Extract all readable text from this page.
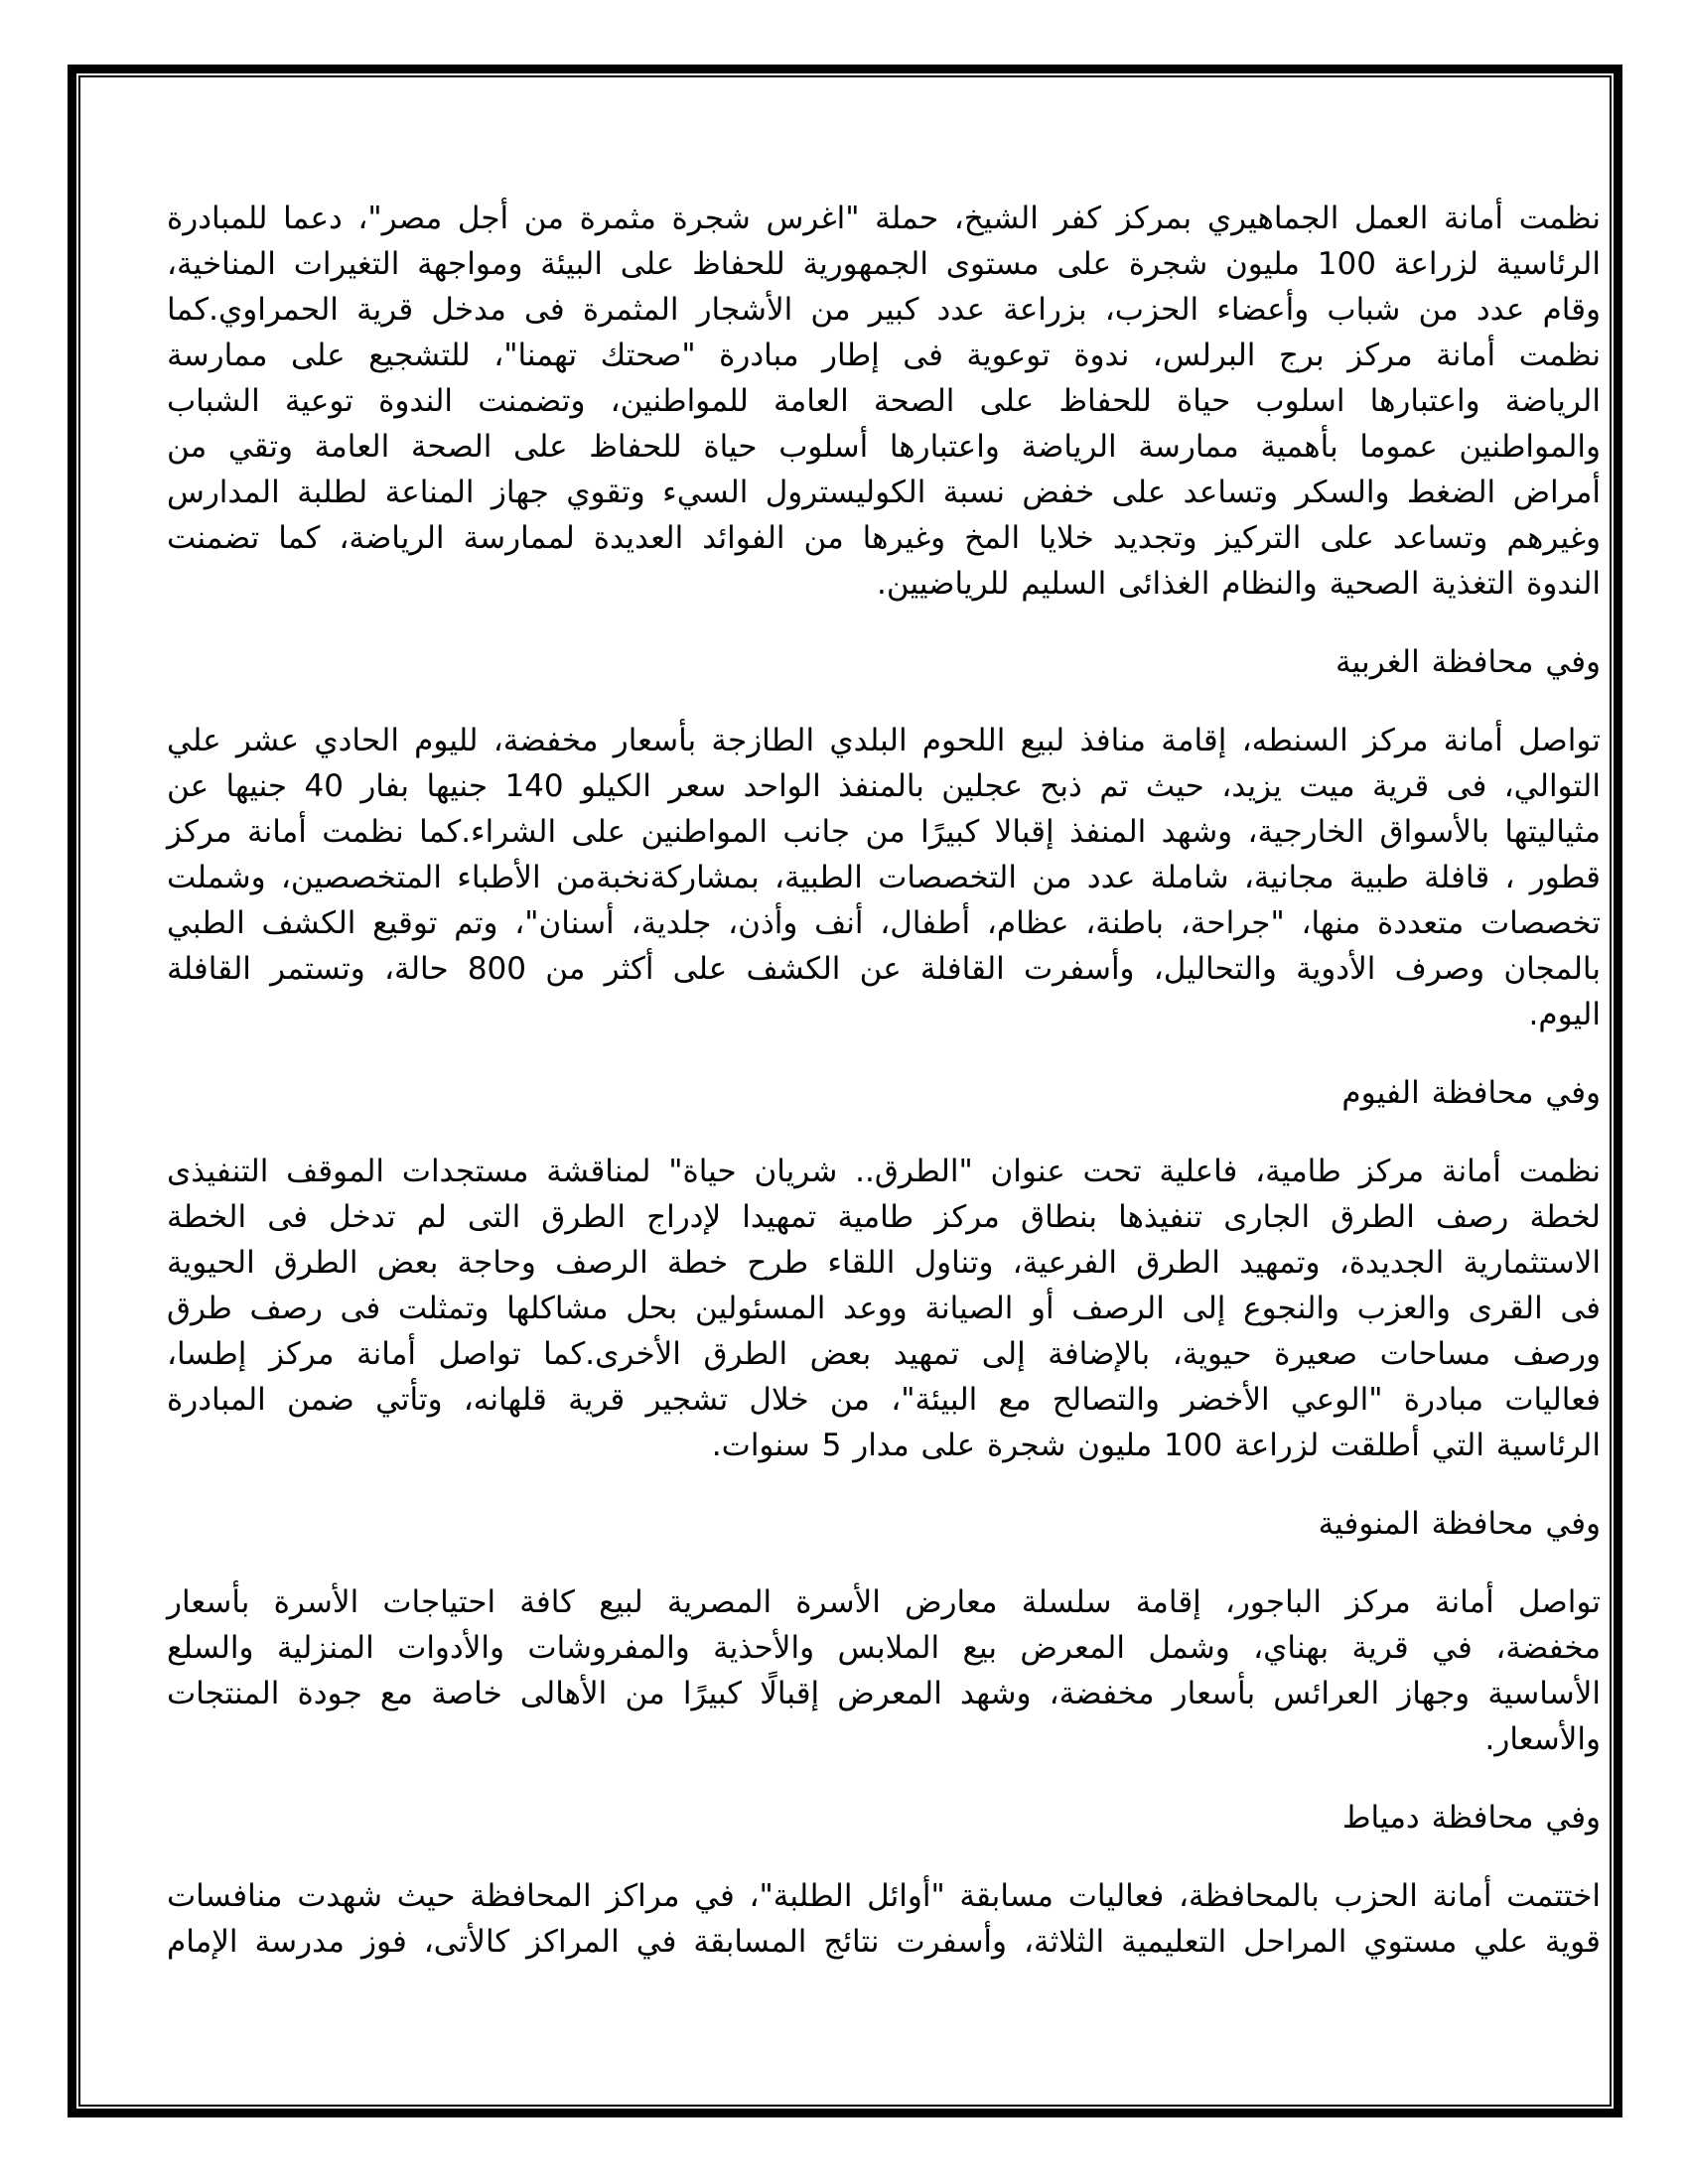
نظمت أمانة العمل الجماهيري بمركز كفر الشيخ، حملة "اغرس شجرة مثمرة من أجل مصر"، دعما للمبادرة
الرئاسية لزراعة 100 مليون شجرة على مستوى الجمهورية للحفاظ على البيئة ومواجهة التغيرات المناخية،
وقام عدد من شباب وأعضاء الحزب، بزراعة عدد كبير من الأشجار المثمرة فى مدخل قرية الحمراوي.كما
نظمت أمانة مركز برج البرلس، ندوة توعوية فى إطار مبادرة "صحتك تهمنا"، للتشجيع على ممارسة
الرياضة واعتبارها اسلوب حياة للحفاظ على الصحة العامة للمواطنين، وتضمنت الندوة توعية الشباب
والمواطنين عموما بأهمية ممارسة الرياضة واعتبارها أسلوب حياة للحفاظ على الصحة العامة وتقي من
أمراض الضغط والسكر وتساعد على خفض نسبة الكوليسترول السيء وتقوي جهاز المناعة لطلبة المدارس
وغيرهم وتساعد على التركيز وتجديد خلايا المخ وغيرها من الفوائد العديدة لممارسة الرياضة، كما تضمنت
الندوة التغذية الصحية والنظام الغذائى السليم للرياضيين.
وفي محافظة الغربية
تواصل أمانة مركز السنطه، إقامة منافذ لبيع اللحوم البلدي الطازجة بأسعار مخفضة، لليوم الحادي عشر علي
التوالي، فى قرية ميت يزيد، حيث تم ذبح عجلين بالمنفذ الواحد سعر الكيلو 140 جنيها بفار 40 جنيها عن
مثياليتها بالأسواق الخارجية، وشهد المنفذ إقبالا كبيرًا من جانب المواطنين على الشراء.كما نظمت أمانة مركز
قطور ، قافلة طبية مجانية، شاملة عدد من التخصصات الطبية، بمشاركةنخبةمن الأطباء المتخصصين، وشملت
تخصصات متعددة منها، "جراحة، باطنة، عظام، أطفال، أنف وأذن، جلدية، أسنان"، وتم توقيع الكشف الطبي
بالمجان وصرف الأدوية والتحاليل، وأسفرت القافلة عن الكشف على أكثر من 800 حالة، وتستمر القافلة
اليوم.
وفي محافظة الفيوم
نظمت أمانة مركز طامية، فاعلية تحت عنوان "الطرق.. شريان حياة" لمناقشة مستجدات الموقف التنفيذى
لخطة رصف الطرق الجارى تنفيذها بنطاق مركز طامية تمهيدا لإدراج الطرق التى لم تدخل فى الخطة
الاستثمارية الجديدة، وتمهيد الطرق الفرعية، وتناول اللقاء طرح خطة الرصف وحاجة بعض الطرق الحيوية
فى القرى والعزب والنجوع إلى الرصف أو الصيانة ووعد المسئولين بحل مشاكلها وتمثلت فى رصف طرق
ورصف مساحات صعيرة حيوية، بالإضافة إلى تمهيد بعض الطرق الأخرى.كما تواصل أمانة مركز إطسا،
فعاليات مبادرة "الوعي الأخضر والتصالح مع البيئة"، من خلال تشجير قرية قلهانه، وتأتي ضمن المبادرة
الرئاسية التي أطلقت لزراعة 100 مليون شجرة على مدار 5 سنوات.
وفي محافظة المنوفية
تواصل أمانة مركز الباجور، إقامة سلسلة معارض الأسرة المصرية لبيع كافة احتياجات الأسرة بأسعار
مخفضة، في قرية بهناي، وشمل المعرض بيع الملابس والأحذية والمفروشات والأدوات المنزلية والسلع
الأساسية وجهاز العرائس بأسعار مخفضة، وشهد المعرض إقبالًا كبيرًا من الأهالى خاصة مع جودة المنتجات
والأسعار.
وفي محافظة دمياط
اختتمت أمانة الحزب بالمحافظة، فعاليات مسابقة "أوائل الطلبة"، في مراكز المحافظة حيث شهدت منافسات
قوية علي مستوي المراحل التعليمية الثلاثة، وأسفرت نتائج المسابقة في المراكز كالأتى، فوز مدرسة الإمام
